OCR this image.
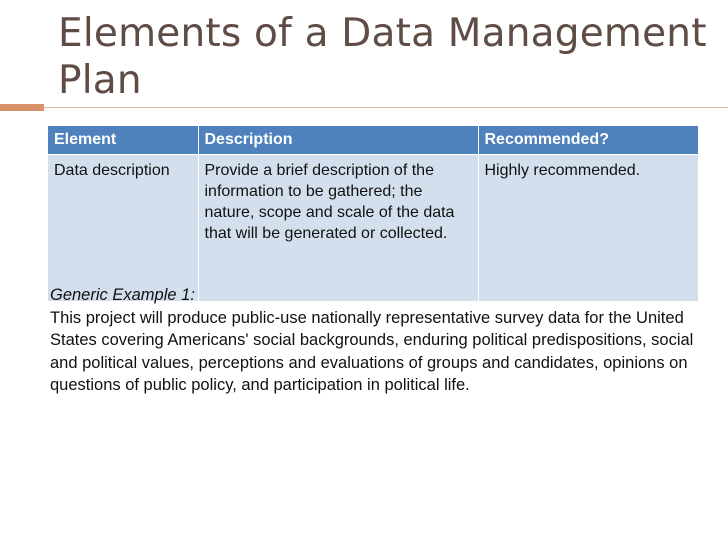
Elements of a Data Management Plan
Element	Description	Recommended?
Data description	Provide a brief description of the information to be gathered; the nature, scope and scale of the data that will be generated or collected.	Highly recommended.
Generic Example 1:
This project will produce public-use nationally representative survey data for the United States covering Americans' social backgrounds, enduring political predispositions, social and political values, perceptions and evaluations of groups and candidates, opinions on questions of public policy, and participation in political life.
